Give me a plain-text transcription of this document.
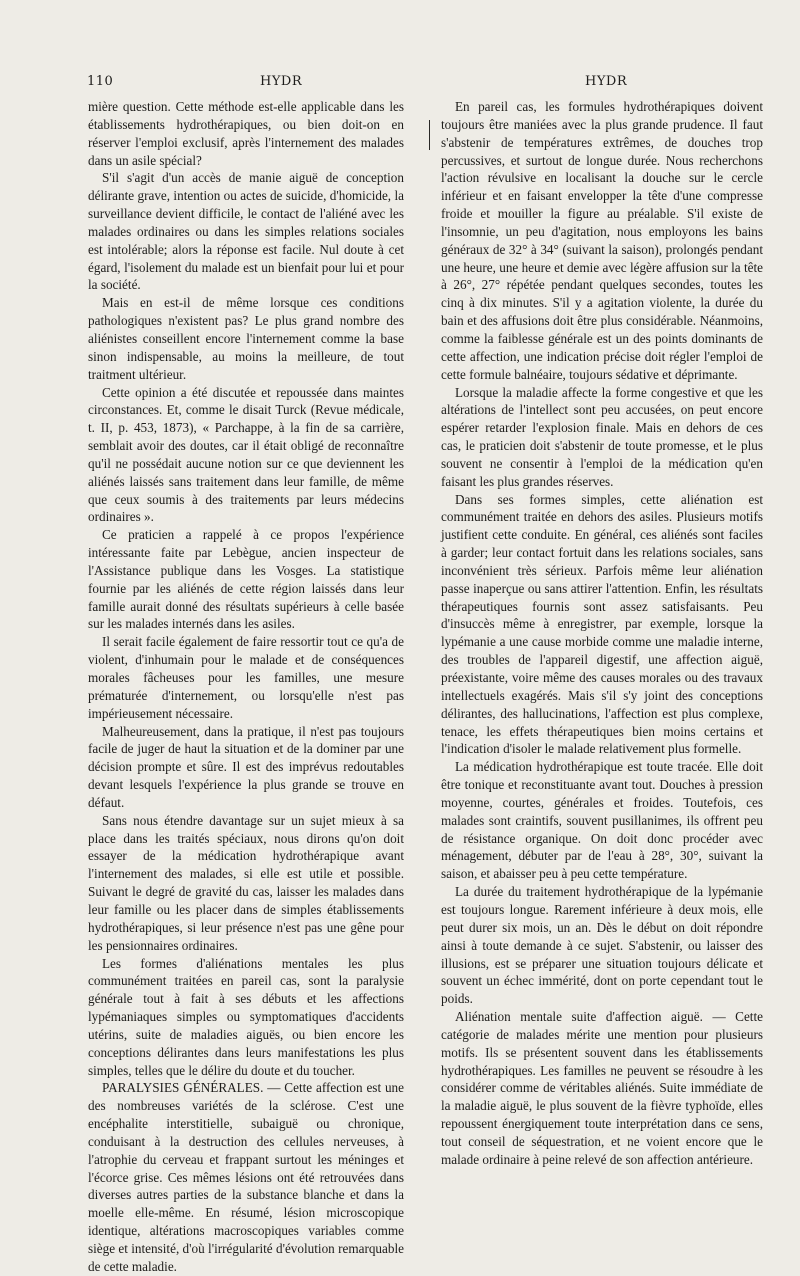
110	HYDR	HYDR

mière question. Cette méthode est-elle applicable dans les établissements hydrothérapiques, ou bien doit-on en réserver l'emploi exclusif, après l'internement des malades dans un asile spécial?

S'il s'agit d'un accès de manie aiguë de conception délirante grave, intention ou actes de suicide, d'homicide, la surveillance devient difficile, le contact de l'aliéné avec les malades ordinaires ou dans les simples relations sociales est intolérable; alors la réponse est facile. Nul doute à cet égard, l'isolement du malade est un bienfait pour lui et pour la société.

Mais en est-il de même lorsque ces conditions pathologiques n'existent pas? Le plus grand nombre des aliénistes conseillent encore l'internement comme la base sinon indispensable, au moins la meilleure, de tout traitment ultérieur.

Cette opinion a été discutée et repoussée dans maintes circonstances. Et, comme le disait Turck (Revue médicale, t. II, p. 453, 1873), « Parchappe, à la fin de sa carrière, semblait avoir des doutes, car il était obligé de reconnaître qu'il ne possédait aucune notion sur ce que deviennent les aliénés laissés sans traitement dans leur famille, de même que ceux soumis à des traitements par leurs médecins ordinaires ».

Ce praticien a rappelé à ce propos l'expérience intéressante faite par Lebègue, ancien inspecteur de l'Assistance publique dans les Vosges. La statistique fournie par les aliénés de cette région laissés dans leur famille aurait donné des résultats supérieurs à celle basée sur les malades internés dans les asiles.

Il serait facile également de faire ressortir tout ce qu'a de violent, d'inhumain pour le malade et de conséquences morales fâcheuses pour les familles, une mesure prématurée d'internement, ou lorsqu'elle n'est pas impérieusement nécessaire.

Malheureusement, dans la pratique, il n'est pas toujours facile de juger de haut la situation et de la dominer par une décision prompte et sûre. Il est des imprévus redoutables devant lesquels l'expérience la plus grande se trouve en défaut.

Sans nous étendre davantage sur un sujet mieux à sa place dans les traités spéciaux, nous dirons qu'on doit essayer de la médication hydrothérapique avant l'internement des malades, si elle est utile et possible. Suivant le degré de gravité du cas, laisser les malades dans leur famille ou les placer dans de simples établissements hydrothérapiques, si leur présence n'est pas une gêne pour les pensionnaires ordinaires.

Les formes d'aliénations mentales les plus communément traitées en pareil cas, sont la paralysie générale tout à fait à ses débuts et les affections lypémaniaques simples ou symptomatiques d'accidents utérins, suite de maladies aiguës, ou bien encore les conceptions délirantes dans leurs manifestations les plus simples, telles que le délire du doute et du toucher.

PARALYSIES GÉNÉRALES. — Cette affection est une des nombreuses variétés de la sclérose. C'est une encéphalite interstitielle, subaiguë ou chronique, conduisant à la destruction des cellules nerveuses, à l'atrophie du cerveau et frappant surtout les méninges et l'écorce grise. Ces mêmes lésions ont été retrouvées dans diverses autres parties de la substance blanche et dans la moelle elle-même. En résumé, lésion microscopique identique, altérations macroscopiques variables comme siège et intensité, d'où l'irrégularité d'évolution remarquable de cette maladie.

En pareil cas, les formules hydrothérapiques doivent toujours être maniées avec la plus grande prudence. Il faut s'abstenir de températures extrêmes, de douches trop percussives, et surtout de longue durée. Nous recherchons l'action révulsive en localisant la douche sur le cercle inférieur et en faisant envelopper la tête d'une compresse froide et mouiller la figure au préalable. S'il existe de l'insomnie, un peu d'agitation, nous employons les bains généraux de 32° à 34° (suivant la saison), prolongés pendant une heure, une heure et demie avec légère affusion sur la tête à 26°, 27° répétée pendant quelques secondes, toutes les cinq à dix minutes. S'il y a agitation violente, la durée du bain et des affusions doit être plus considérable. Néanmoins, comme la faiblesse générale est un des points dominants de cette affection, une indication précise doit régler l'emploi de cette formule balnéaire, toujours sédative et déprimante.

Lorsque la maladie affecte la forme congestive et que les altérations de l'intellect sont peu accusées, on peut encore espérer retarder l'explosion finale. Mais en dehors de ces cas, le praticien doit s'abstenir de toute promesse, et le plus souvent ne consentir à l'emploi de la médication qu'en faisant les plus grandes réserves.

Dans ses formes simples, cette aliénation est communément traitée en dehors des asiles. Plusieurs motifs justifient cette conduite. En général, ces aliénés sont faciles à garder; leur contact fortuit dans les relations sociales, sans inconvénient très sérieux. Parfois même leur aliénation passe inaperçue ou sans attirer l'attention. Enfin, les résultats thérapeutiques fournis sont assez satisfaisants. Peu d'insuccès même à enregistrer, par exemple, lorsque la lypémanie a une cause morbide comme une maladie interne, des troubles de l'appareil digestif, une affection aiguë, préexistante, voire même des causes morales ou des travaux intellectuels exagérés. Mais s'il s'y joint des conceptions délirantes, des hallucinations, l'affection est plus complexe, tenace, les effets thérapeutiques bien moins certains et l'indication d'isoler le malade relativement plus formelle.

La médication hydrothérapique est toute tracée. Elle doit être tonique et reconstituante avant tout. Douches à pression moyenne, courtes, générales et froides. Toutefois, ces malades sont craintifs, souvent pusillanimes, ils offrent peu de résistance organique. On doit donc procéder avec ménagement, débuter par de l'eau à 28°, 30°, suivant la saison, et abaisser peu à peu cette température.

La durée du traitement hydrothérapique de la lypémanie est toujours longue. Rarement inférieure à deux mois, elle peut durer six mois, un an. Dès le début on doit répondre ainsi à toute demande à ce sujet. S'abstenir, ou laisser des illusions, est se préparer une situation toujours délicate et souvent un échec immérité, dont on porte cependant tout le poids.

Aliénation mentale suite d'affection aiguë. — Cette catégorie de malades mérite une mention pour plusieurs motifs. Ils se présentent souvent dans les établissements hydrothérapiques. Les familles ne peuvent se résoudre à les considérer comme de véritables aliénés. Suite immédiate de la maladie aiguë, le plus souvent de la fièvre typhoïde, elles repoussent énergiquement toute interprétation dans ce sens, tout conseil de séquestration, et ne voient encore que le malade ordinaire à peine relevé de son affection antérieure.
